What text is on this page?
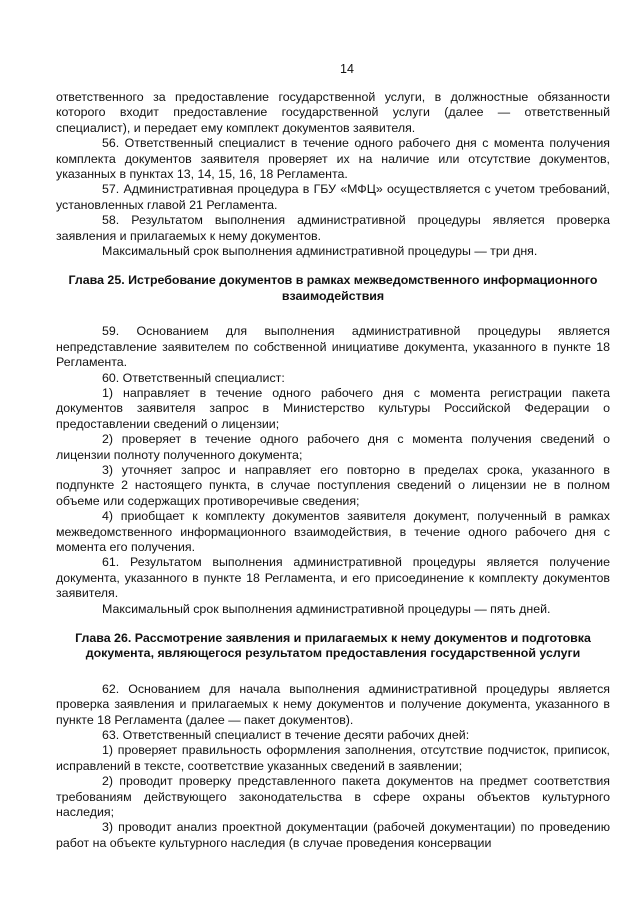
14

ответственного за предоставление государственной услуги, в должностные обязанности которого входит предоставление государственной услуги (далее — ответственный специалист), и передает ему комплект документов заявителя.

56. Ответственный специалист в течение одного рабочего дня с момента получения комплекта документов заявителя проверяет их на наличие или отсутствие документов, указанных в пунктах 13, 14, 15, 16, 18 Регламента.

57. Административная процедура в ГБУ «МФЦ» осуществляется с учетом требований, установленных главой 21 Регламента.

58. Результатом выполнения административной процедуры является проверка заявления и прилагаемых к нему документов.

Максимальный срок выполнения административной процедуры — три дня.

Глава 25. Истребование документов в рамках межведомственного информационного взаимодействия

59. Основанием для выполнения административной процедуры является непредставление заявителем по собственной инициативе документа, указанного в пункте 18 Регламента.

60. Ответственный специалист:

1) направляет в течение одного рабочего дня с момента регистрации пакета документов заявителя запрос в Министерство культуры Российской Федерации о предоставлении сведений о лицензии;

2) проверяет в течение одного рабочего дня с момента получения сведений о лицензии полноту полученного документа;

3) уточняет запрос и направляет его повторно в пределах срока, указанного в подпункте 2 настоящего пункта, в случае поступления сведений о лицензии не в полном объеме или содержащих противоречивые сведения;

4) приобщает к комплекту документов заявителя документ, полученный в рамках межведомственного информационного взаимодействия, в течение одного рабочего дня с момента его получения.

61. Результатом выполнения административной процедуры является получение документа, указанного в пункте 18 Регламента, и его присоединение к комплекту документов заявителя.

Максимальный срок выполнения административной процедуры — пять дней.

Глава 26. Рассмотрение заявления и прилагаемых к нему документов и подготовка документа, являющегося результатом предоставления государственной услуги

62. Основанием для начала выполнения административной процедуры является проверка заявления и прилагаемых к нему документов и получение документа, указанного в пункте 18 Регламента (далее — пакет документов).

63. Ответственный специалист в течение десяти рабочих дней:

1) проверяет правильность оформления заполнения, отсутствие подчисток, приписок, исправлений в тексте, соответствие указанных сведений в заявлении;

2) проводит проверку представленного пакета документов на предмет соответствия требованиям действующего законодательства в сфере охраны объектов культурного наследия;

3) проводит анализ проектной документации (рабочей документации) по проведению работ на объекте культурного наследия (в случае проведения консервации
